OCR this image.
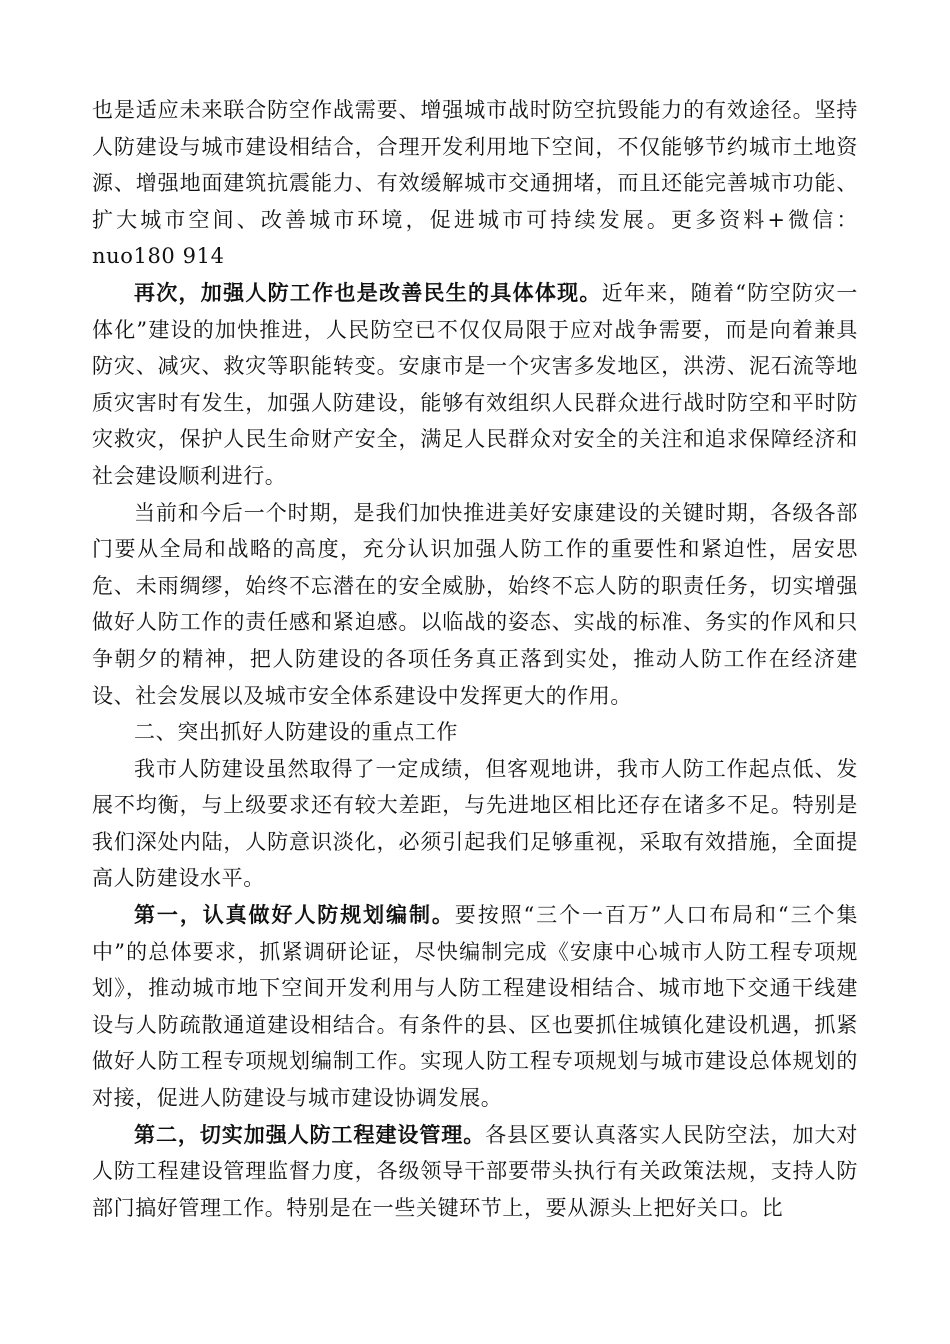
也是适应未来联合防空作战需要、增强城市战时防空抗毁能力的有效途径。坚持人防建设与城市建设相结合，合理开发利用地下空间，不仅能够节约城市土地资源、增强地面建筑抗震能力、有效缓解城市交通拥堵，而且还能完善城市功能、扩大城市空间、改善城市环境，促进城市可持续发展。更多资料+微信：nuo180 914

再次，加强人防工作也是改善民生的具体体现。近年来，随着“防空防灾一体化”建设的加快推进，人民防空已不仅仅局限于应对战争需要，而是向着兼具防灾、减灾、救灾等职能转变。安康市是一个灾害多发地区，洪涝、泥石流等地质灾害时有发生，加强人防建设，能够有效组织人民群众进行战时防空和平时防灾救灾，保护人民生命财产安全，满足人民群众对安全的关注和追求保障经济和社会建设顺利进行。

当前和今后一个时期，是我们加快推进美好安康建设的关键时期，各级各部门要从全局和战略的高度，充分认识加强人防工作的重要性和紧迫性，居安思危、未雨绸缪，始终不忘潜在的安全威胁，始终不忘人防的职责任务，切实增强做好人防工作的责任感和紧迫感。以临战的姿态、实战的标准、务实的作风和只争朝夕的精神，把人防建设的各项任务真正落到实处，推动人防工作在经济建设、社会发展以及城市安全体系建设中发挥更大的作用。

二、突出抓好人防建设的重点工作

我市人防建设虽然取得了一定成绩，但客观地讲，我市人防工作起点低、发展不均衡，与上级要求还有较大差距，与先进地区相比还存在诸多不足。特别是我们深处内陆，人防意识淡化，必须引起我们足够重视，采取有效措施，全面提高人防建设水平。

第一，认真做好人防规划编制。要按照“三个一百万”人口布局和“三个集中”的总体要求，抓紧调研论证，尽快编制完成《安康中心城市人防工程专项规划》，推动城市地下空间开发利用与人防工程建设相结合、城市地下交通干线建设与人防疏散通道建设相结合。有条件的县、区也要抓住城镇化建设机遇，抓紧做好人防工程专项规划编制工作。实现人防工程专项规划与城市建设总体规划的对接，促进人防建设与城市建设协调发展。

第二，切实加强人防工程建设管理。各县区要认真落实人民防空法，加大对人防工程建设管理监督力度，各级领导干部要带头执行有关政策法规，支持人防部门搞好管理工作。特别是在一些关键环节上，要从源头上把好关口。比
